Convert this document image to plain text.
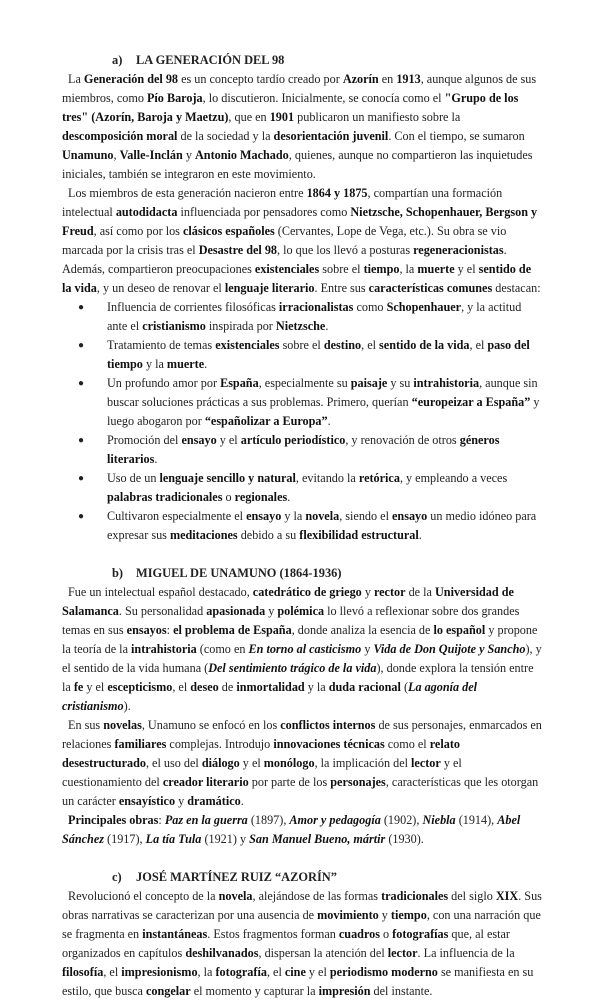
a) LA GENERACIÓN DEL 98

La Generación del 98 es un concepto tardío creado por Azorín en 1913, aunque algunos de sus miembros, como Pío Baroja, lo discutieron. Inicialmente, se conocía como el "Grupo de los tres" (Azorín, Baroja y Maetzu), que en 1901 publicaron un manifiesto sobre la descomposición moral de la sociedad y la desorientación juvenil. Con el tiempo, se sumaron Unamuno, Valle-Inclán y Antonio Machado, quienes, aunque no compartieron las inquietudes iniciales, también se integraron en este movimiento.

Los miembros de esta generación nacieron entre 1864 y 1875, compartían una formación intelectual autodidacta influenciada por pensadores como Nietzsche, Schopenhauer, Bergson y Freud, así como por los clásicos españoles (Cervantes, Lope de Vega, etc.). Su obra se vio marcada por la crisis tras el Desastre del 98, lo que los llevó a posturas regeneracionistas. Además, compartieron preocupaciones existenciales sobre el tiempo, la muerte y el sentido de la vida, y un deseo de renovar el lenguaje literario. Entre sus características comunes destacan:

● Influencia de corrientes filosóficas irracionalistas como Schopenhauer, y la actitud ante el cristianismo inspirada por Nietzsche.
● Tratamiento de temas existenciales sobre el destino, el sentido de la vida, el paso del tiempo y la muerte.
● Un profundo amor por España, especialmente su paisaje y su intrahistoria, aunque sin buscar soluciones prácticas a sus problemas. Primero, querían “europeizar a España” y luego abogaron por “españolizar a Europa”.
● Promoción del ensayo y el artículo periodístico, y renovación de otros géneros literarios.
● Uso de un lenguaje sencillo y natural, evitando la retórica, y empleando a veces palabras tradicionales o regionales.
● Cultivaron especialmente el ensayo y la novela, siendo el ensayo un medio idóneo para expresar sus meditaciones debido a su flexibilidad estructural.
b) MIGUEL DE UNAMUNO (1864-1936)

Fue un intelectual español destacado, catedrático de griego y rector de la Universidad de Salamanca. Su personalidad apasionada y polémica lo llevó a reflexionar sobre dos grandes temas en sus ensayos: el problema de España, donde analiza la esencia de lo español y propone la teoría de la intrahistoria (como en En torno al casticismo y Vida de Don Quijote y Sancho), y el sentido de la vida humana (Del sentimiento trágico de la vida), donde explora la tensión entre la fe y el escepticismo, el deseo de inmortalidad y la duda racional (La agonía del cristianismo).

En sus novelas, Unamuno se enfocó en los conflictos internos de sus personajes, enmarcados en relaciones familiares complejas. Introdujo innovaciones técnicas como el relato desestructurado, el uso del diálogo y el monólogo, la implicación del lector y el cuestionamiento del creador literario por parte de los personajes, características que les otorgan un carácter ensayístico y dramático.

Principales obras: Paz en la guerra (1897), Amor y pedagogía (1902), Niebla (1914), Abel Sánchez (1917), La tía Tula (1921) y San Manuel Bueno, mártir (1930).

c) JOSÉ MARTÍNEZ RUIZ “AZORÍN”

Revolucionó el concepto de la novela, alejándose de las formas tradicionales del siglo XIX. Sus obras narrativas se caracterizan por una ausencia de movimiento y tiempo, con una narración que se fragmenta en instantáneas. Estos fragmentos forman cuadros o fotografías que, al estar organizados en capítulos deshilvanados, dispersan la atención del lector. La influencia de la filosofía, el impresionismo, la fotografía, el cine y el periodismo moderno se manifiesta en su estilo, que busca congelar el momento y capturar la impresión del instante.
